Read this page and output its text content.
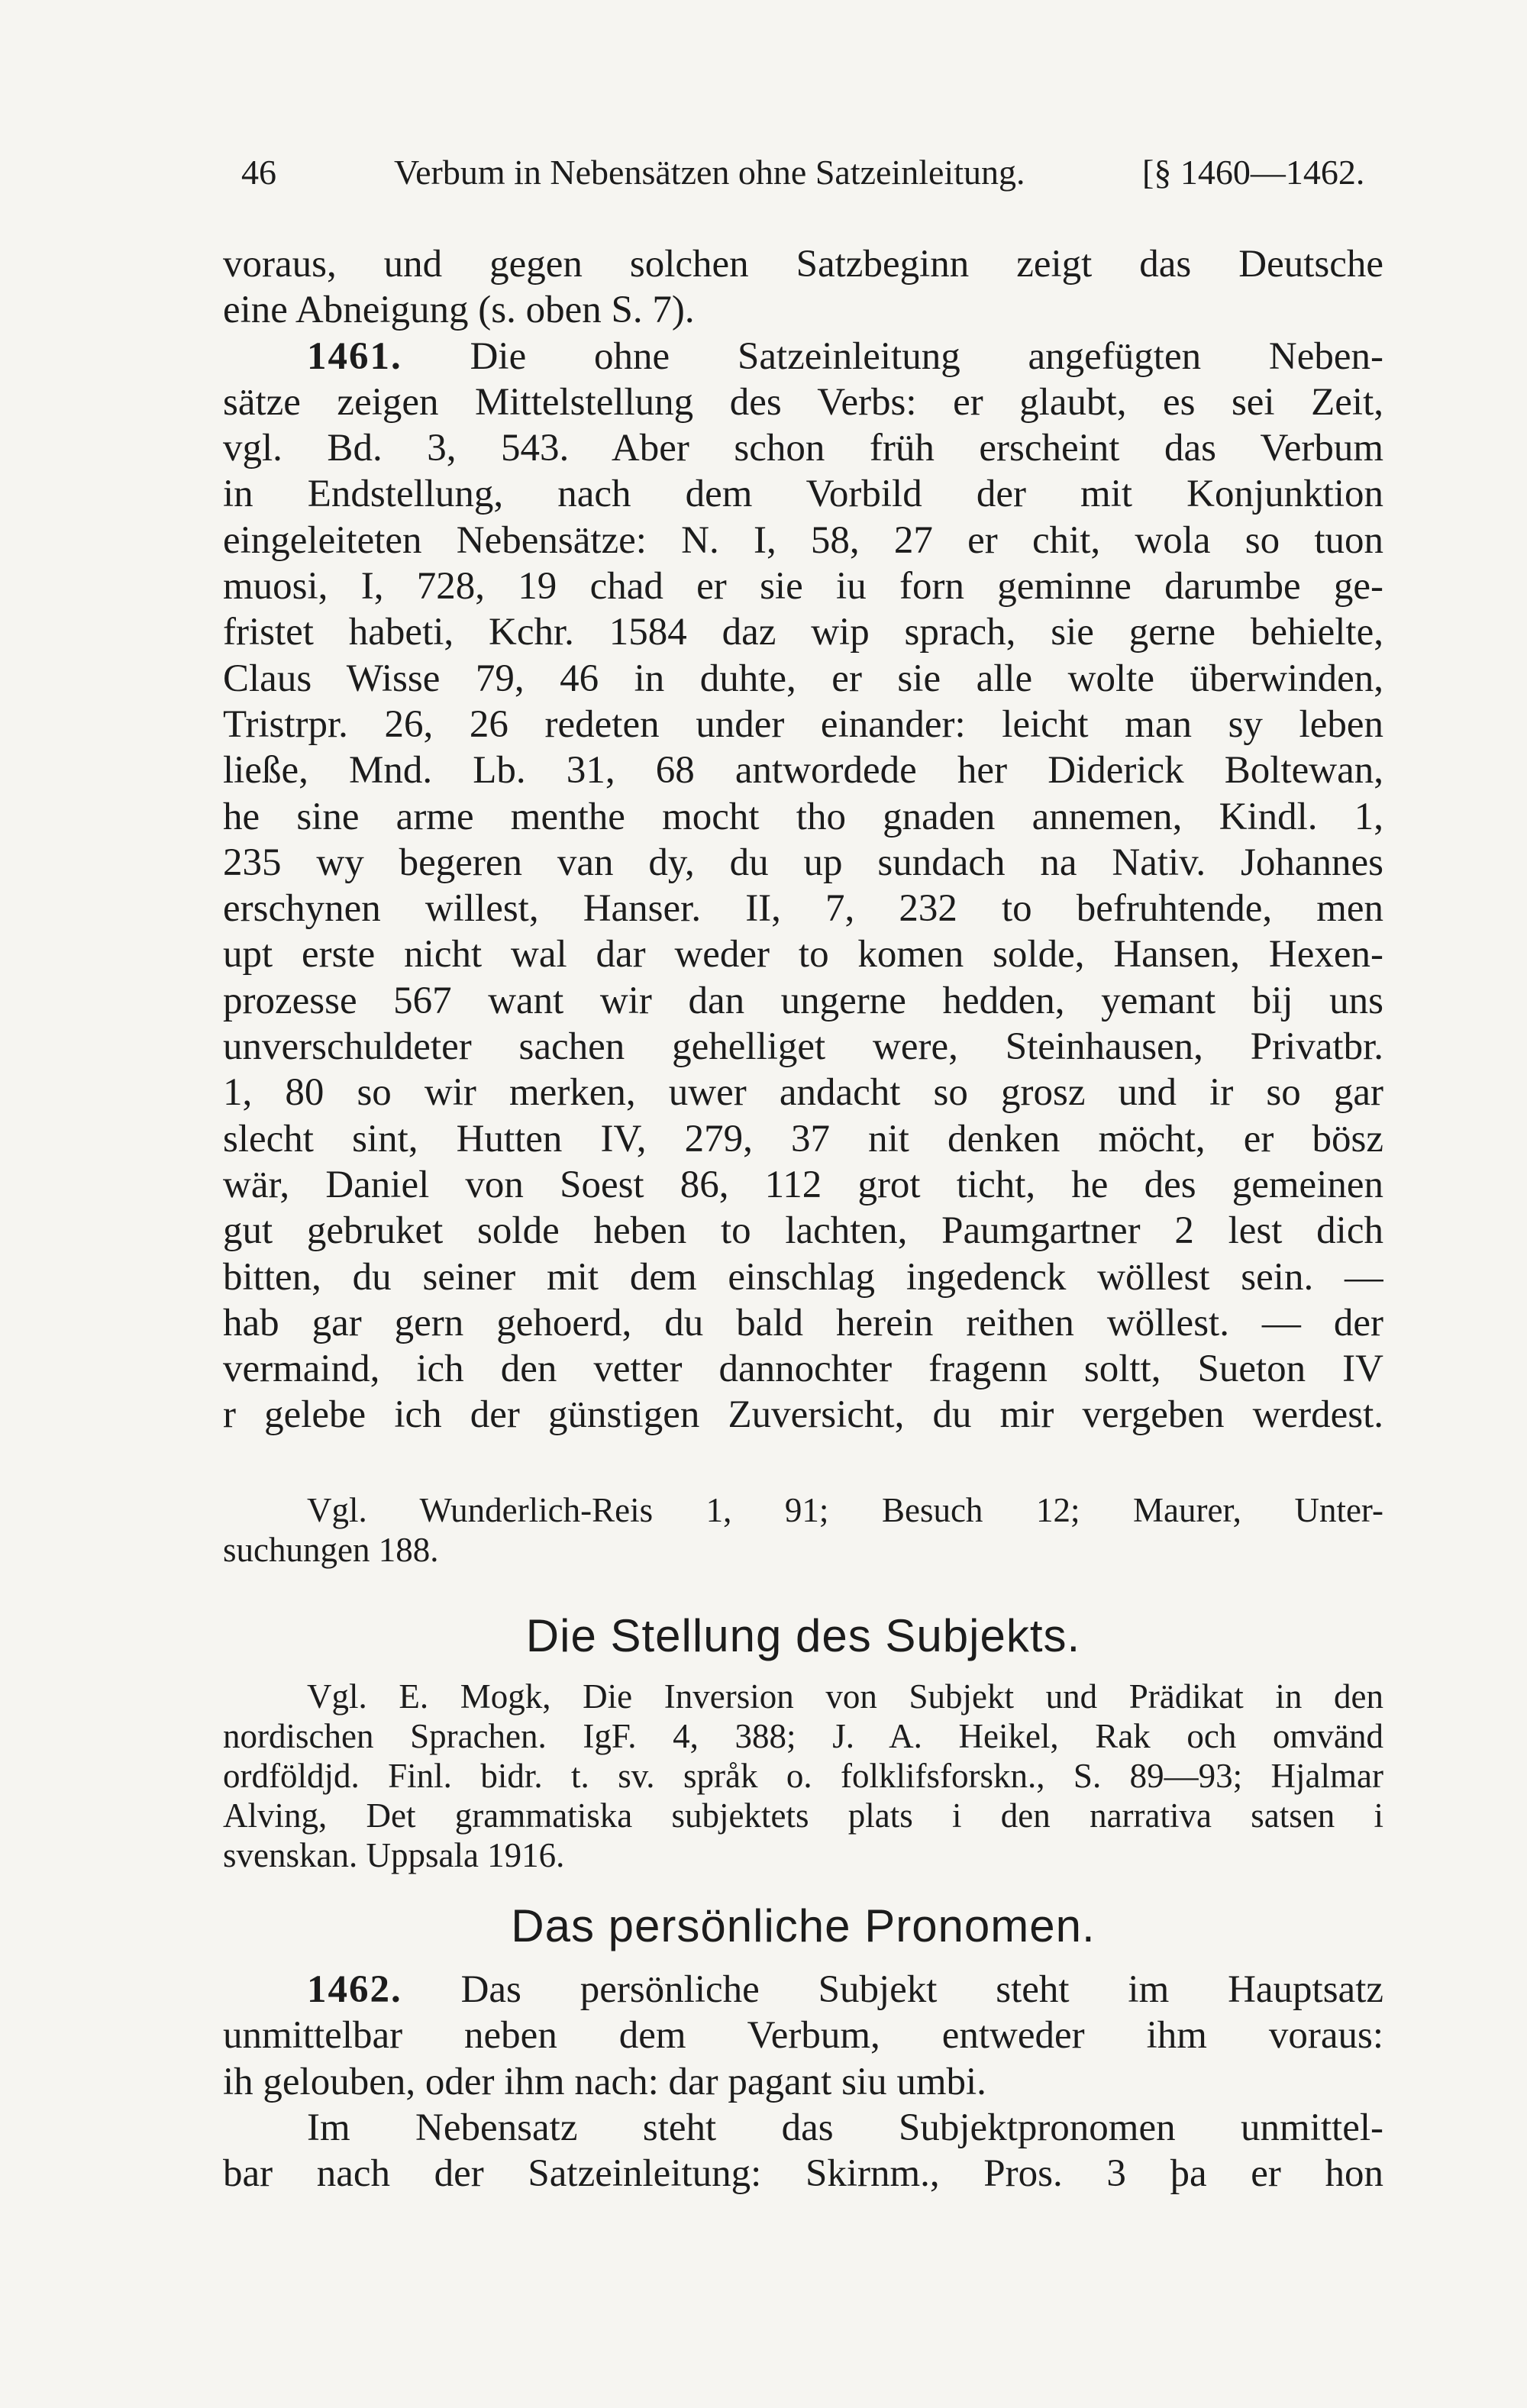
46	Verbum in Nebensätzen ohne Satzeinleitung.	[§ 1460—1462.
voraus, und gegen solchen Satzbeginn zeigt das Deutsche
eine Abneigung (s. oben S. 7).
1461. Die ohne Satzeinleitung angefügten Neben-
sätze zeigen Mittelstellung des Verbs: er glaubt, es sei Zeit,
vgl. Bd. 3, 543. Aber schon früh erscheint das Verbum
in Endstellung, nach dem Vorbild der mit Konjunktion
eingeleiteten Nebensätze: N. I, 58, 27 er chit, wola so tuon
muosi, I, 728, 19 chad er sie iu forn geminne darumbe ge-
fristet habeti, Kchr. 1584 daz wip sprach, sie gerne behielte,
Claus Wisse 79, 46 in duhte, er sie alle wolte überwinden,
Tristrpr. 26, 26 redeten under einander: leicht man sy leben
ließe, Mnd. Lb. 31, 68 antwordede her Diderick Boltewan,
he sine arme menthe mocht tho gnaden annemen, Kindl. 1,
235 wy begeren van dy, du up sundach na Nativ. Johannes
erschynen willest, Hanser. II, 7, 232 to befruhtende, men
upt erste nicht wal dar weder to komen solde, Hansen, Hexen-
prozesse 567 want wir dan ungerne hedden, yemant bij uns
unverschuldeter sachen gehelliget were, Steinhausen, Privatbr.
1, 80 so wir merken, uwer andacht so grosz und ir so gar
slecht sint, Hutten IV, 279, 37 nit denken möcht, er bösz
wär, Daniel von Soest 86, 112 grot ticht, he des gemeinen
gut gebruket solde heben to lachten, Paumgartner 2 lest dich
bitten, du seiner mit dem einschlag ingedenck wöllest sein. —
hab gar gern gehoerd, du bald herein reithen wöllest. — der
vermaind, ich den vetter dannochter fragenn soltt, Sueton IV
r gelebe ich der günstigen Zuversicht, du mir vergeben werdest.
Vgl. Wunderlich-Reis 1, 91; Besuch 12; Maurer, Unter-
suchungen 188.
Die Stellung des Subjekts.
Vgl. E. Mogk, Die Inversion von Subjekt und Prädikat in den
nordischen Sprachen. IgF. 4, 388; J. A. Heikel, Rak och omvänd
ordföldjd. Finl. bidr. t. sv. språk o. folklifsforskn., S. 89—93; Hjalmar
Alving, Det grammatiska subjektets plats i den narrativa satsen i
svenskan. Uppsala 1916.
Das persönliche Pronomen.
1462. Das persönliche Subjekt steht im Hauptsatz
unmittelbar neben dem Verbum, entweder ihm voraus:
ih gelouben, oder ihm nach: dar pagant siu umbi.
Im Nebensatz steht das Subjektpronomen unmittel-
bar nach der Satzeinleitung: Skirnm., Pros. 3 þa er hon
